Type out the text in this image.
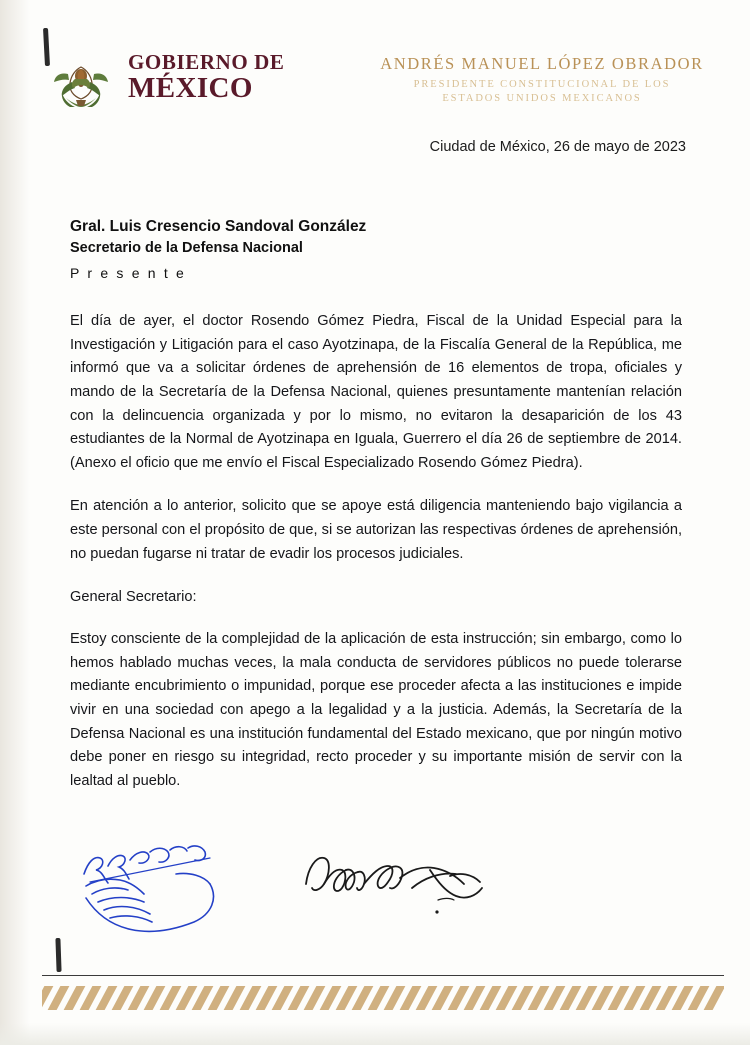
GOBIERNO DE
MÉXICO
ANDRÉS MANUEL LÓPEZ OBRADOR
PRESIDENTE CONSTITUCIONAL DE LOS
ESTADOS UNIDOS MEXICANOS
Ciudad de México, 26 de mayo de 2023
Gral. Luis Cresencio Sandoval González
Secretario de la Defensa Nacional
P r e s e n t e

El día de ayer, el doctor Rosendo Gómez Piedra, Fiscal de la Unidad Especial para la Investigación y Litigación para el caso Ayotzinapa, de la Fiscalía General de la República, me informó que va a solicitar órdenes de aprehensión de 16 elementos de tropa, oficiales y mando de la Secretaría de la Defensa Nacional, quienes presuntamente mantenían relación con la delincuencia organizada y por lo mismo, no evitaron la desaparición de los 43 estudiantes de la Normal de Ayotzinapa en Iguala, Guerrero el día 26 de septiembre de 2014. (Anexo el oficio que me envío el Fiscal Especializado Rosendo Gómez Piedra).

En atención a lo anterior, solicito que se apoye está diligencia manteniendo bajo vigilancia a este personal con el propósito de que, si se autorizan las respectivas órdenes de aprehensión, no puedan fugarse ni tratar de evadir los procesos judiciales.

General Secretario:

Estoy consciente de la complejidad de la aplicación de esta instrucción; sin embargo, como lo hemos hablado muchas veces, la mala conducta de servidores públicos no puede tolerarse mediante encubrimiento o impunidad, porque ese proceder afecta a las instituciones e impide vivir en una sociedad con apego a la legalidad y a la justicia. Además, la Secretaría de la Defensa Nacional es una institución fundamental del Estado mexicano, que por ningún motivo debe poner en riesgo su integridad, recto proceder y su importante misión de servir con la lealtad al pueblo.
